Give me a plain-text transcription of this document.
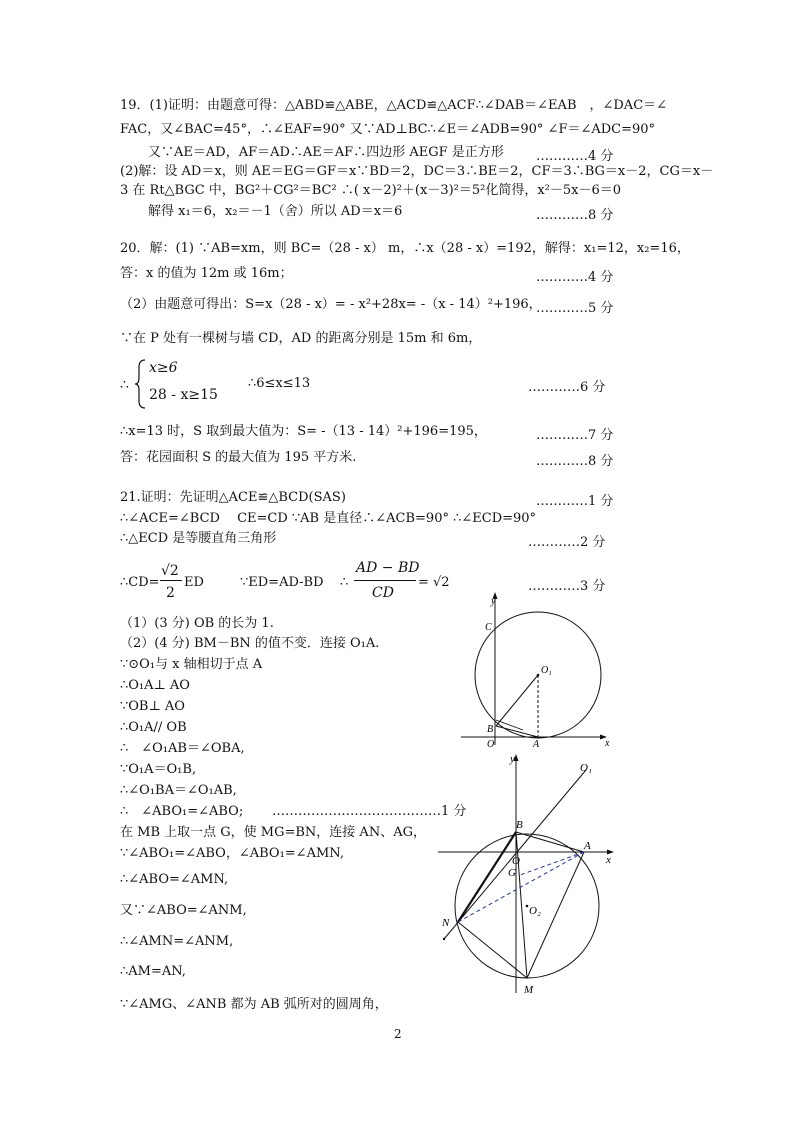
19．(1)证明：由题意可得：△ABD≌△ABE，△ACD≌△ACF∴∠DAB＝∠EAB　，∠DAC＝∠
FAC，又∠BAC=45°，∴∠EAF=90° 又∵AD⊥BC∴∠E＝∠ADB=90° ∠F＝∠ADC=90°
又∵AE＝AD，AF＝AD∴AE＝AF∴四边形 AEGF 是正方形 …………4 分
(2)解：设 AD＝x，则 AE＝EG＝GF＝x∵BD＝2，DC＝3∴BE＝2，CF＝3∴BG＝x－2，CG＝x－
3 在 Rt△BGC 中，BG²＋CG²＝BC² ∴( x－2)²＋(x－3)²＝5²化简得，x²－5x－6＝0
解得 x₁＝6，x₂＝－1（舍）所以 AD＝x＝6	…………8 分
20．解：(1) ∵AB=xm，则 BC=（28 - x） m，∴x（28 - x）=192，解得：x₁=12，x₂=16，
答：x 的值为 12m 或 16m；	…………4 分
（2）由题意可得出：S=x（28 - x）= - x²+28x= -（x - 14）²+196，
…………5 分
∵在 P 处有一棵树与墙 CD，AD 的距离分别是 15m 和 6m，
∴
x≥6
28 - x≥15
∴6≤x≤13	…………6 分
∴x=13 时，S 取到最大值为：S= -（13 - 14）²+196=195，	…………7 分
答：花园面积 S 的最大值为 195 平方米.	…………8 分
21.证明：先证明△ACE≌△BCD(SAS)	…………1 分
∴∠ACE=∠BCD　 CE=CD ∵AB 是直径∴∠ACB=90° ∴∠ECD=90°
∴△ECD 是等腰直角三角形	…………2 分
∴CD=
√2
2
ED	∵ED=AD-BD ∴
AD − BD
CD
= √2	…………3 分
（1）(3 分) OB 的长为 1.
（2）(4 分) BM－BN 的值不变．连接 O₁A.
∵⊙O₁与 x 轴相切于点 A
∴O₁A⊥ AO
∵OB⊥ AO
∴O₁A// OB
∴　∠O₁AB＝∠OBA,
∵O₁A＝O₁B,
∴∠O₁BA＝∠O₁AB,
∴　∠ABO₁=∠ABO; …………………………………1 分
在 MB 上取一点 G，使 MG=BN，连接 AN、AG，
∵∠ABO₁=∠ABO，∠ABO₁=∠AMN,
∴∠ABO=∠AMN,
又∵∠ABO=∠ANM,
∴∠AMN=∠ANM,
∴AM=AN,
∵∠AMG、∠ANB 都为 AB 弧所对的圆周角，
y
x
C
O₁
B
O	A
y
x
O₁
B
A
O
G
O₂
N
M
2
